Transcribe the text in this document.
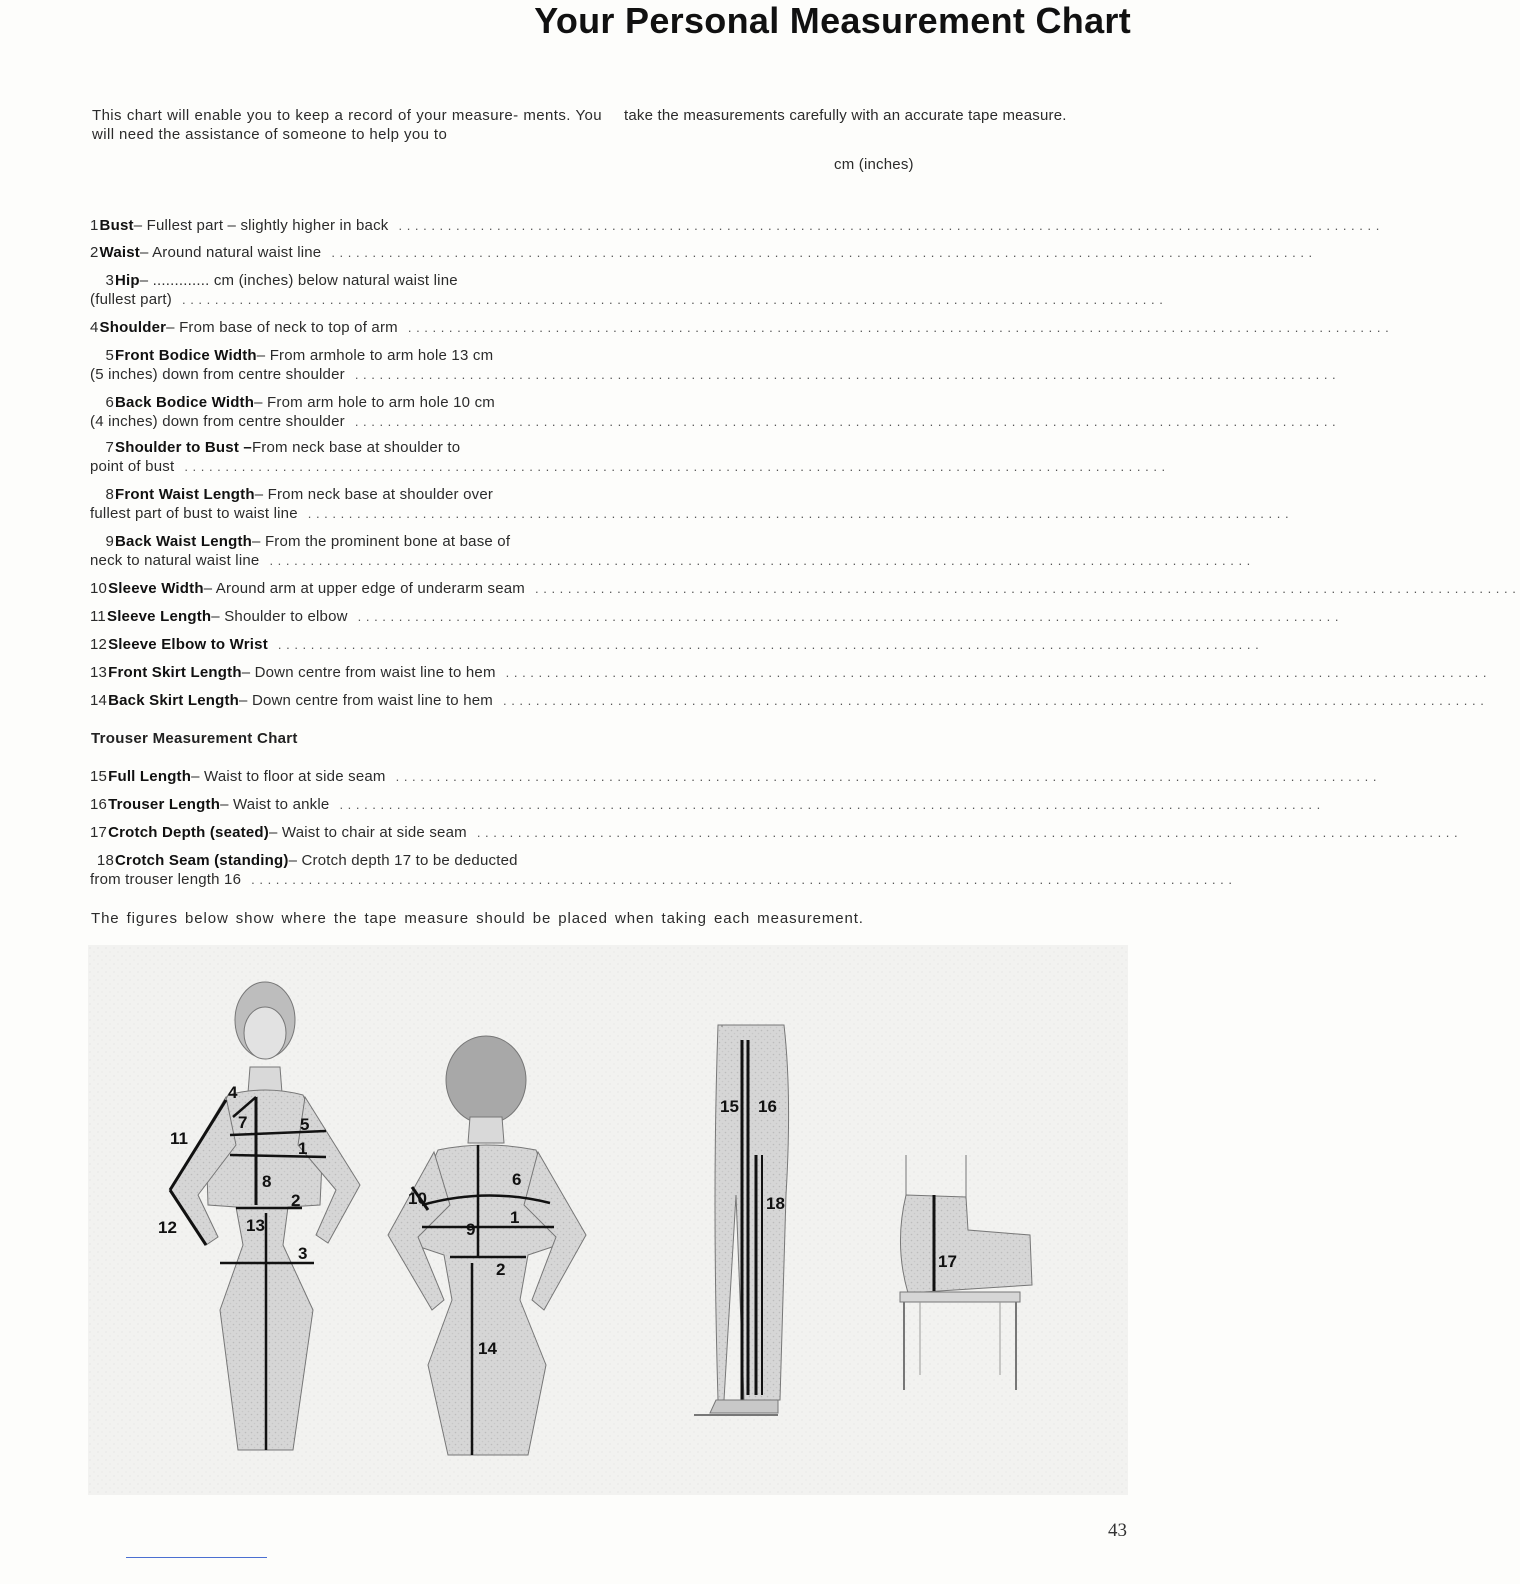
Your Personal Measurement Chart
This chart will enable you to keep a record of your measure- ments. You will need the assistance of someone to help you to
take the measurements carefully with an accurate tape measure.
cm (inches)
1 Bust – Fullest part – slightly higher in back ........................................................................................................................
2 Waist – Around natural waist line ........................................................................................................................
3 Hip – ............. cm (inches) below natural waist line
(fullest part) ........................................................................................................................
4 Shoulder – From base of neck to top of arm ........................................................................................................................
5 Front Bodice Width – From armhole to arm hole 13 cm
(5 inches) down from centre shoulder ........................................................................................................................
6 Back Bodice Width – From arm hole to arm hole 10 cm
(4 inches) down from centre shoulder ........................................................................................................................
7 Shoulder to Bust – From neck base at shoulder to
point of bust ........................................................................................................................
8 Front Waist Length – From neck base at shoulder over
fullest part of bust to waist line ........................................................................................................................
9 Back Waist Length – From the prominent bone at base of
neck to natural waist line ........................................................................................................................
10 Sleeve Width – Around arm at upper edge of underarm seam ........................................................................................................................
11 Sleeve Length – Shoulder to elbow ........................................................................................................................
12 Sleeve Elbow to Wrist ........................................................................................................................
13 Front Skirt Length – Down centre from waist line to hem ........................................................................................................................
14 Back Skirt Length – Down centre from waist line to hem ........................................................................................................................
15 Full Length – Waist to floor at side seam ........................................................................................................................
16 Trouser Length – Waist to ankle ........................................................................................................................
17 Crotch Depth (seated) – Waist to chair at side seam ........................................................................................................................
18 Crotch Seam (standing) – Crotch depth 17 to be deducted
from trouser length 16 ........................................................................................................................
Trouser Measurement Chart
The figures below show where the tape measure should be placed when taking each measurement.
4
7	5
1
11
8
2
12	13
3
6
10
1
9
2
14
15 16
18
17
43
